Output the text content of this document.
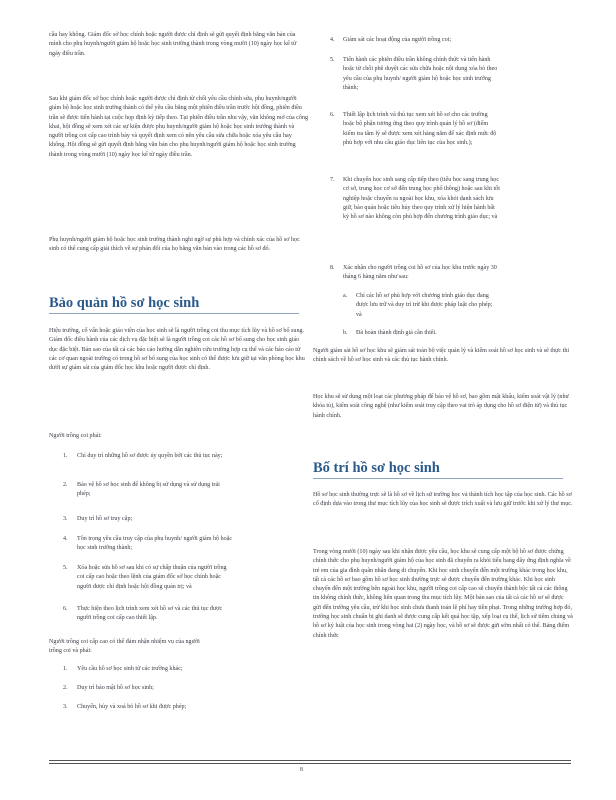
cầu hay không. Giám đốc sở học chính hoặc người được chỉ định sẽ gửi quyết định bằng văn bản của mình cho phụ huynh/người giám hộ hoặc học sinh trưởng thành trong vòng mười (10) ngày học kể từ ngày điều trần.

Sau khi giám đốc sở học chính hoặc người được chỉ định từ chối yêu cầu chỉnh sửa, phụ huynh/người giám hộ hoặc học sinh trưởng thành có thể yêu cầu bằng một phiên điều trần trước hội đồng, phiên điều trần sẽ được tiến hành tại cuộc họp định kỳ tiếp theo. Tại phiên điều trần nhu vậy, văn không mở của công khai, hội đồng sẽ xem xét các sự kiện được phụ huynh/người giám hộ hoặc học sinh trưởng thành và người trồng coi cấp cao trình bày và quyết định xem có nên yêu cầu sửa chữa hoặc xóa yêu cầu hay không. Hội đồng sẽ gửi quyết định bằng văn bản cho phụ huynh/người giám hộ hoặc học sinh trưởng thành trong vòng mười (10) ngày học kể từ ngày điều trần.

Phụ huynh/người giám hộ hoặc học sinh trưởng thành nghi ngờ sự phù hợp và chính xác của hồ sơ học sinh có thể cung cấp giải thích về sự phản đối của họ bằng văn bản vào trong các hồ sơ đó.

Bảo quản hồ sơ học sinh

Hiệu trưởng, cố vấn hoặc giáo viên của học sinh sẽ là người trồng coi thu mục tích lũy và hồ sơ bổ sung. Giám đốc điều hành của các dịch vụ đặc biệt sẽ là người trồng coi các hồ sơ bổ sung cho học sinh giáo dục đặc biệt. Bản sao của tất cả các báo cáo hướng dẫn nghiên cứu trường hợp cụ thể và các báo cáo từ các cơ quan ngoài trường có trong hồ sơ bổ sung của học sinh có thể được lưu giữ tại văn phòng học khu dưới sự giám sát của giám đốc học khu hoặc người được chỉ định.

Người trồng coi phải:

1. Chỉ duy trì những hồ sơ được ủy quyền bởi các thủ tục này;
2. Bảo vệ hồ sơ học sinh để không bị sử dụng và sử dụng trái phép;
3. Duy trì hồ sơ truy cập;
4. Tôn trọng yêu cầu truy cập của phụ huynh/ người giám hộ hoặc học sinh trưởng thành;
5. Xóa hoặc sửa hồ sơ sau khi có sự chấp thuận của người trồng coi cấp cao hoặc theo lệnh của giám đốc sở học chính hoặc người được chỉ định hoặc hội đồng quản trị; và
6. Thực hiện theo lịch trình xem xét hồ sơ và các thủ tục được người trồng coi cấp cao thiết lập.

Người trồng coi cấp cao có thể đảm nhận nhiệm vụ của người trồng coi và phải:

1. Yêu cầu hồ sơ học sinh từ các trường khác;
2. Duy trì bảo mật hồ sơ học sinh;
3. Chuyển, hủy và xoá bỏ hồ sơ khi được phép;
4. Giám sát các hoạt động của người trồng coi;
5. Tiến hành các phiên điều trần không chính thức và tiến hành hoặc từ chối phê duyệt các sửa chữa hoặc nội dung xóa bỏ theo yêu cầu của phụ huynh/ người giám hộ hoặc học sinh trưởng thành;
6. Thiết lập lịch trình và thủ tục xem xét hồ sơ cho các trường hoặc bộ phận tương ứng theo quy trình quản lý hồ sơ (điểm kiểm tra tâm lý sẽ được xem xét hàng năm để xác định mức độ phù hợp với nhu cầu giáo dục liên tục của học sinh.);
7. Khi chuyển học sinh sang cấp tiếp theo (tiểu học sang trung học cơ sở, trung học cơ sở đến trung học phổ thông) hoặc sau khi tốt nghiệp hoặc chuyển ra ngoài học khu, xóa khỏi danh sách lưu giữ, bảo quản hoặc tiêu hủy theo quy trình xử lý hiện hành bất kỳ hồ sơ nào không còn phù hợp đến chương trình giáo dục; và
8. Xác nhận cho người trồng coi hồ sơ của học khu trước ngày 30 tháng 6 hàng năm như sau:
a. Chỉ các hồ sơ phù hợp với chương trình giáo dục đang được lưu trữ và duy trì trừ khi được pháp luật cho phép; và
b. Đã hoàn thành định giá cần thiết.

Người giám sát hồ sơ học khu sẽ giám sát toàn bộ việc quản lý và kiểm soát hồ sơ học sinh và sẽ thực thi chính sách về hồ sơ học sinh và các thủ tục hành chính.

Học khu sẽ sử dụng một loạt các phương pháp để bảo vệ hồ sơ, bao gồm mật khẩu, kiểm soát vật lý (như khóa tủ), kiểm soát công nghệ (như kiểm soát truy cập theo vai trò áp dụng cho hồ sơ điện tử) và thủ tục hành chính.

Bố trí hồ sơ học sinh

Hồ sơ học sinh thường trực sẽ là hồ sơ về lịch sử trường học và thành tích học tập của học sinh. Các hồ sơ cố định dựa vào trong thư mục tích lũy của học sinh sẽ được trích xuất và lưu giữ trước khi xử lý thư mục.

Trong vòng mười (10) ngày sau khi nhận được yêu cầu, học khu sẽ cung cấp một bộ hồ sơ được chứng chính thức cho phụ huynh/người giám hộ của học sinh đã chuyển ra khỏi tiểu bang dây ứng định nghĩa về trẻ em của gia đình quân nhân đang di chuyển. Khi học sinh chuyển đến một trường khác trong học khu, tất cả các hồ sơ bao gồm hồ sơ học sinh thường trực sẽ được chuyển đến trường khác. Khi học sinh chuyển đến một trường bên ngoài học khu, người trồng coi cấp cao sẽ chuyển thành bộc tất cả các thông tin không chính thức, không liên quan trong thu mục tích lũy. Một bản sao của tất cả các hồ sơ sẽ được gửi đến trường yêu cầu, trừ khi học sinh chưa thanh toán lệ phí hay tiền phạt. Trong những trường hợp đó, trường học sinh chuẩn bị ghi danh sẽ được cung cấp kết quả học tập, xếp loại cụ thể, lịch sử tiêm chủng và hồ sơ kỷ luật của học sinh trong vòng hai (2) ngày học, và hồ sơ sẽ được gửi sớm nhất có thể. Bảng điểm chính thức

8
